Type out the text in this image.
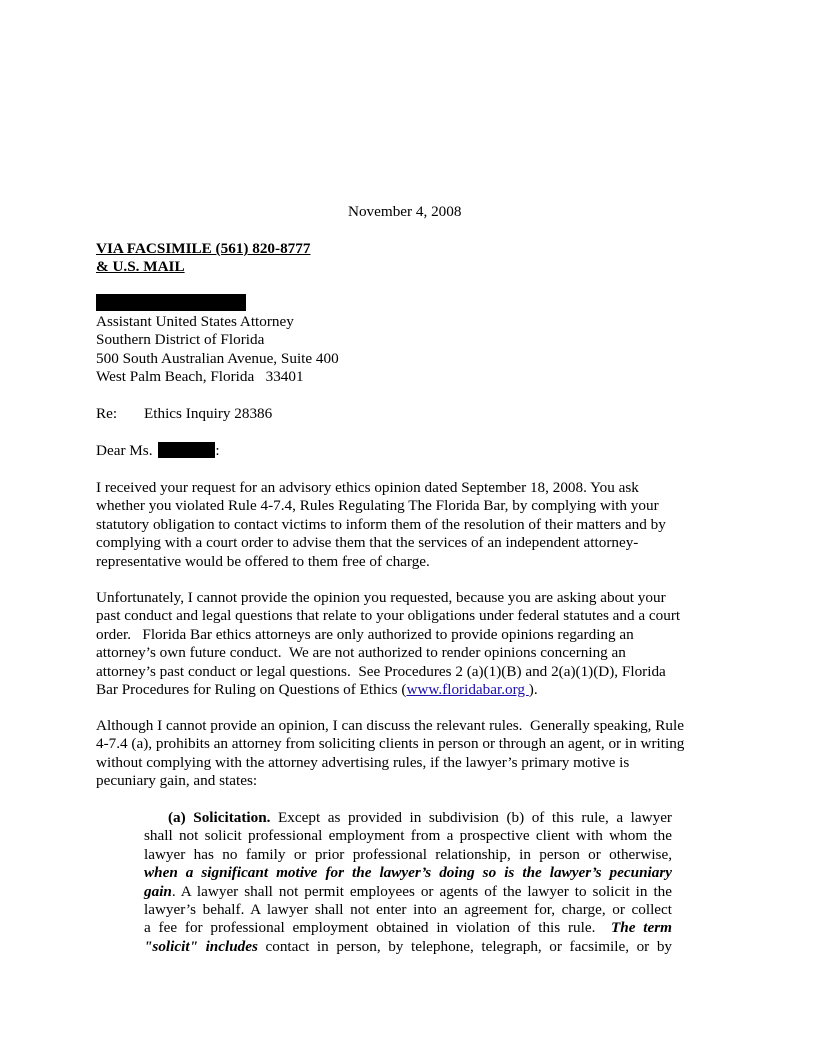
November 4, 2008
VIA FACSIMILE (561) 820-8777
& U.S. MAIL
Assistant United States Attorney
Southern District of Florida
500 South Australian Avenue, Suite 400
West Palm Beach, Florida   33401
Re: Ethics Inquiry 28386
Dear Ms.	:
I received your request for an advisory ethics opinion dated September 18, 2008. You ask
whether you violated Rule 4-7.4, Rules Regulating The Florida Bar, by complying with your
statutory obligation to contact victims to inform them of the resolution of their matters and by
complying with a court order to advise them that the services of an independent attorney-
representative would be offered to them free of charge.
Unfortunately, I cannot provide the opinion you requested, because you are asking about your
past conduct and legal questions that relate to your obligations under federal statutes and a court
order.   Florida Bar ethics attorneys are only authorized to provide opinions regarding an
attorney’s own future conduct.  We are not authorized to render opinions concerning an
attorney’s past conduct or legal questions.  See Procedures 2 (a)(1)(B) and 2(a)(1)(D), Florida
Bar Procedures for Ruling on Questions of Ethics (www.floridabar.org ).
Although I cannot provide an opinion, I can discuss the relevant rules.  Generally speaking, Rule
4-7.4 (a), prohibits an attorney from soliciting clients in person or through an agent, or in writing
without complying with the attorney advertising rules, if the lawyer’s primary motive is
pecuniary gain, and states:
(a) Solicitation. Except as provided in subdivision (b) of this rule, a lawyer
shall not solicit professional employment from a prospective client with whom the
lawyer has no family or prior professional relationship, in person or otherwise,
when a significant motive for the lawyer’s doing so is the lawyer’s pecuniary
gain. A lawyer shall not permit employees or agents of the lawyer to solicit in the
lawyer’s behalf. A lawyer shall not enter into an agreement for, charge, or collect
a fee for professional employment obtained in violation of this rule.  The term
"solicit" includes contact in person, by telephone, telegraph, or facsimile, or by
